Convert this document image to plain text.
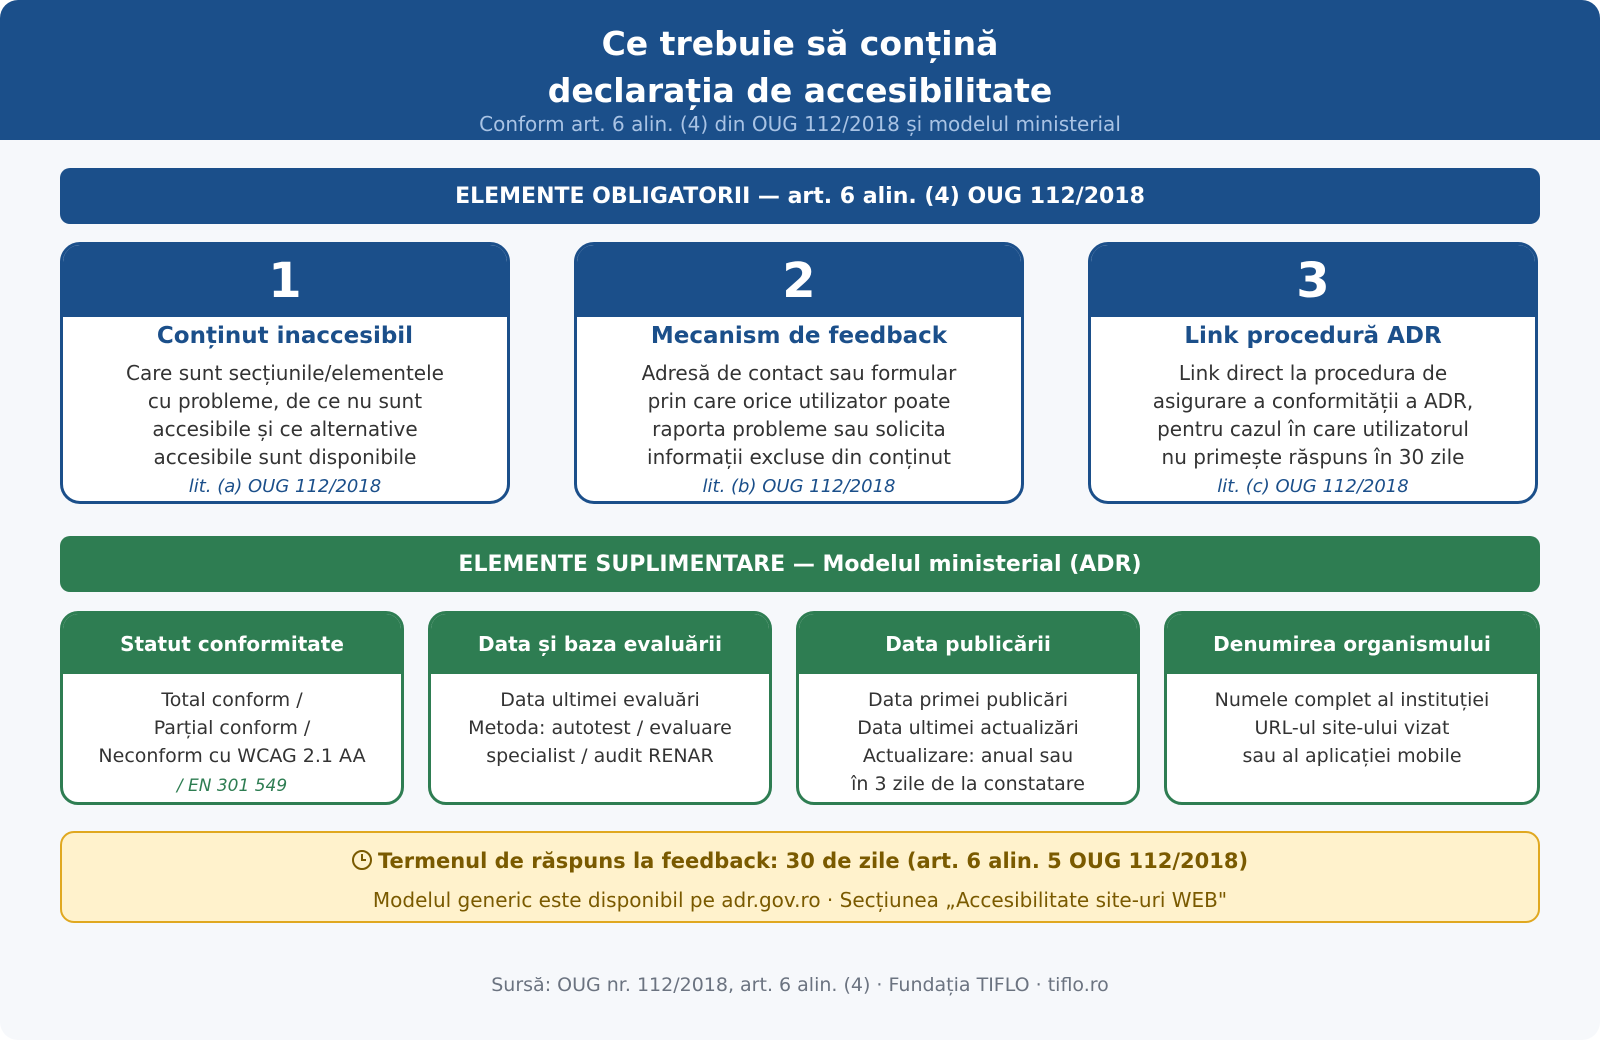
Ce trebuie să conțină
declarația de accesibilitate
Conform art. 6 alin. (4) din OUG 112/2018 și modelul ministerial
ELEMENTE OBLIGATORII — art. 6 alin. (4) OUG 112/2018
1
Conținut inaccesibil
Care sunt secțiunile/elementele
cu probleme, de ce nu sunt
accesibile și ce alternative
accesibile sunt disponibile
lit. (a) OUG 112/2018
2
Mecanism de feedback
Adresă de contact sau formular
prin care orice utilizator poate
raporta probleme sau solicita
informații excluse din conținut
lit. (b) OUG 112/2018
3
Link procedură ADR
Link direct la procedura de
asigurare a conformității a ADR,
pentru cazul în care utilizatorul
nu primește răspuns în 30 zile
lit. (c) OUG 112/2018
ELEMENTE SUPLIMENTARE — Modelul ministerial (ADR)
Statut conformitate
Total conform /
Parțial conform /
Neconform cu WCAG 2.1 AA
/ EN 301 549
Data și baza evaluării
Data ultimei evaluări
Metoda: autotest / evaluare
specialist / audit RENAR
Data publicării
Data primei publicări
Data ultimei actualizări
Actualizare: anual sau
în 3 zile de la constatare
Denumirea organismului
Numele complet al instituției
URL-ul site-ului vizat
sau al aplicației mobile
Termenul de răspuns la feedback: 30 de zile (art. 6 alin. 5 OUG 112/2018)
Modelul generic este disponibil pe adr.gov.ro · Secțiunea „Accesibilitate site-uri WEB"
Sursă: OUG nr. 112/2018, art. 6 alin. (4) · Fundația TIFLO · tiflo.ro
